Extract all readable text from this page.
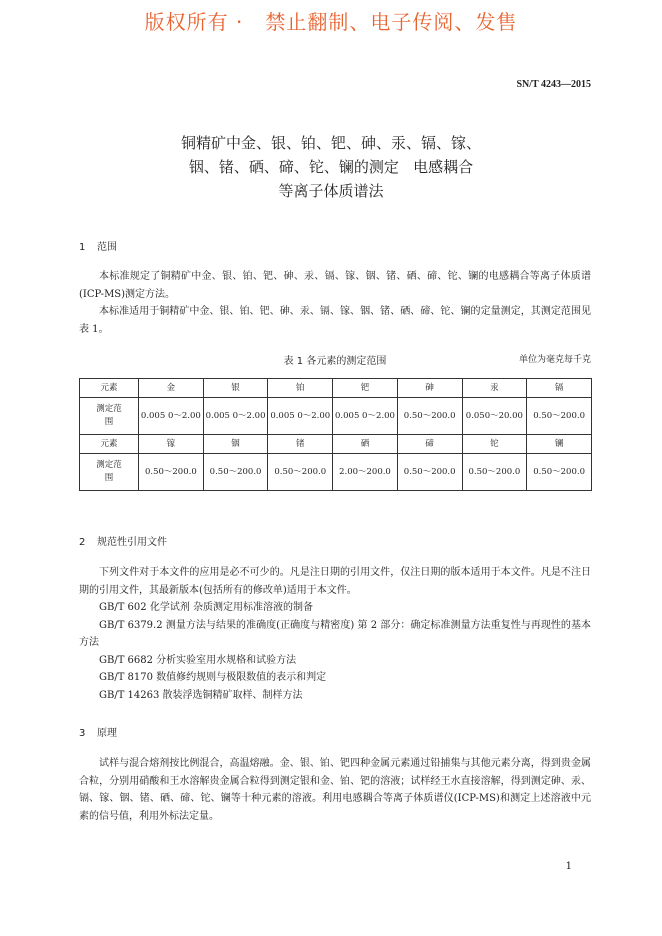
版权所有 ·   禁止翻制、电子传阅、发售
SN/T 4243—2015
铜精矿中金、银、铂、钯、砷、汞、镉、镓、
铟、锗、硒、碲、铊、镧的测定   电感耦合
等离子体质谱法
1 范围

本标准规定了铜精矿中金、银、铂、钯、砷、汞、镉、镓、铟、锗、硒、碲、铊、镧的电感耦合等离子体质谱(ICP-MS)测定方法。

本标准适用于铜精矿中金、银、铂、钯、砷、汞、镉、镓、铟、锗、硒、碲、铊、镧的定量测定，其测定范围见表 1。

表 1 各元素的测定范围	单位为毫克每千克
元素	金	银	铂	钯	砷	汞	镉
测定范围	0.005 0～2.00	0.005 0～2.00	0.005 0～2.00	0.005 0～2.00	0.50～200.0	0.050～20.00	0.50～200.0
元素	镓	铟	锗	硒	碲	铊	镧
测定范围	0.50～200.0	0.50～200.0	0.50～200.0	2.00～200.0	0.50～200.0	0.50～200.0	0.50～200.0
2 规范性引用文件

下列文件对于本文件的应用是必不可少的。凡是注日期的引用文件，仅注日期的版本适用于本文件。凡是不注日期的引用文件，其最新版本(包括所有的修改单)适用于本文件。

GB/T 602 化学试剂 杂质测定用标准溶液的制备

GB/T 6379.2 测量方法与结果的准确度(正确度与精密度) 第 2 部分：确定标准测量方法重复性与再现性的基本方法

GB/T 6682 分析实验室用水规格和试验方法

GB/T 8170 数值修约规则与极限数值的表示和判定

GB/T 14263 散装浮选铜精矿取样、制样方法

3 原理

试样与混合熔剂按比例混合，高温熔融。金、银、铂、钯四种金属元素通过铅捕集与其他元素分离，得到贵金属合粒，分别用硝酸和王水溶解贵金属合粒得到测定银和金、铂、钯的溶液；试样经王水直接溶解，得到测定砷、汞、镉、镓、铟、锗、硒、碲、铊、镧等十种元素的溶液。利用电感耦合等离子体质谱仪(ICP-MS)和测定上述溶液中元素的信号值，利用外标法定量。

1
